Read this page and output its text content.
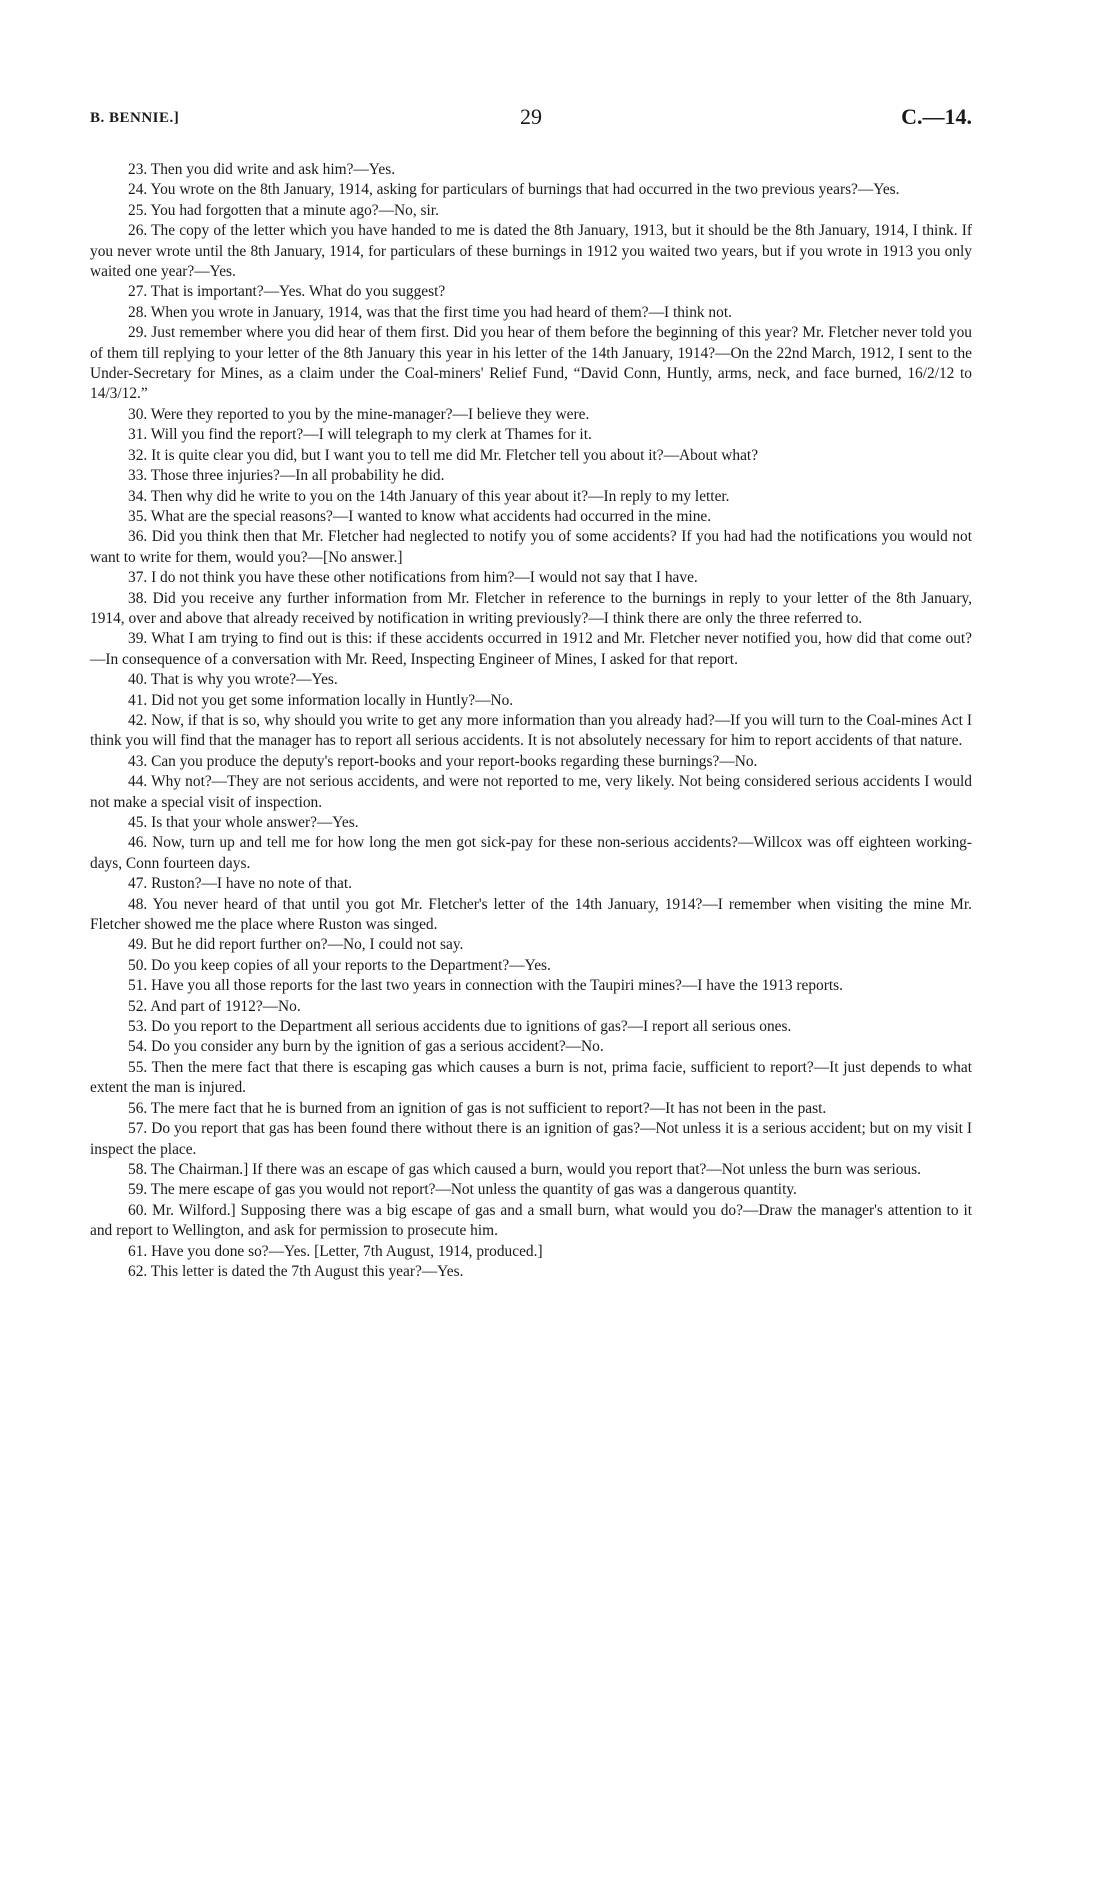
B. BENNIE.]	29	C.—14.

23. Then you did write and ask him?—Yes.

24. You wrote on the 8th January, 1914, asking for particulars of burnings that had occurred in the two previous years?—Yes.

25. You had forgotten that a minute ago?—No, sir.

26. The copy of the letter which you have handed to me is dated the 8th January, 1913, but it should be the 8th January, 1914, I think. If you never wrote until the 8th January, 1914, for particulars of these burnings in 1912 you waited two years, but if you wrote in 1913 you only waited one year?—Yes.

27. That is important?—Yes. What do you suggest?

28. When you wrote in January, 1914, was that the first time you had heard of them?—I think not.

29. Just remember where you did hear of them first. Did you hear of them before the beginning of this year? Mr. Fletcher never told you of them till replying to your letter of the 8th January this year in his letter of the 14th January, 1914?—On the 22nd March, 1912, I sent to the Under-Secretary for Mines, as a claim under the Coal-miners' Relief Fund, “David Conn, Huntly, arms, neck, and face burned, 16/2/12 to 14/3/12.”

30. Were they reported to you by the mine-manager?—I believe they were.

31. Will you find the report?—I will telegraph to my clerk at Thames for it.

32. It is quite clear you did, but I want you to tell me did Mr. Fletcher tell you about it?—About what?

33. Those three injuries?—In all probability he did.

34. Then why did he write to you on the 14th January of this year about it?—In reply to my letter.

35. What are the special reasons?—I wanted to know what accidents had occurred in the mine.

36. Did you think then that Mr. Fletcher had neglected to notify you of some accidents? If you had had the notifications you would not want to write for them, would you?—[No answer.]

37. I do not think you have these other notifications from him?—I would not say that I have.

38. Did you receive any further information from Mr. Fletcher in reference to the burnings in reply to your letter of the 8th January, 1914, over and above that already received by notification in writing previously?—I think there are only the three referred to.

39. What I am trying to find out is this: if these accidents occurred in 1912 and Mr. Fletcher never notified you, how did that come out?—In consequence of a conversation with Mr. Reed, Inspecting Engineer of Mines, I asked for that report.

40. That is why you wrote?—Yes.

41. Did not you get some information locally in Huntly?—No.

42. Now, if that is so, why should you write to get any more information than you already had?—If you will turn to the Coal-mines Act I think you will find that the manager has to report all serious accidents. It is not absolutely necessary for him to report accidents of that nature.

43. Can you produce the deputy's report-books and your report-books regarding these burnings?—No.

44. Why not?—They are not serious accidents, and were not reported to me, very likely. Not being considered serious accidents I would not make a special visit of inspection.

45. Is that your whole answer?—Yes.

46. Now, turn up and tell me for how long the men got sick-pay for these non-serious accidents?—Willcox was off eighteen working-days, Conn fourteen days.

47. Ruston?—I have no note of that.

48. You never heard of that until you got Mr. Fletcher's letter of the 14th January, 1914?—I remember when visiting the mine Mr. Fletcher showed me the place where Ruston was singed.

49. But he did report further on?—No, I could not say.

50. Do you keep copies of all your reports to the Department?—Yes.

51. Have you all those reports for the last two years in connection with the Taupiri mines?—I have the 1913 reports.

52. And part of 1912?—No.

53. Do you report to the Department all serious accidents due to ignitions of gas?—I report all serious ones.

54. Do you consider any burn by the ignition of gas a serious accident?—No.

55. Then the mere fact that there is escaping gas which causes a burn is not, prima facie, sufficient to report?—It just depends to what extent the man is injured.

56. The mere fact that he is burned from an ignition of gas is not sufficient to report?—It has not been in the past.

57. Do you report that gas has been found there without there is an ignition of gas?—Not unless it is a serious accident; but on my visit I inspect the place.

58. The Chairman.] If there was an escape of gas which caused a burn, would you report that?—Not unless the burn was serious.

59. The mere escape of gas you would not report?—Not unless the quantity of gas was a dangerous quantity.

60. Mr. Wilford.] Supposing there was a big escape of gas and a small burn, what would you do?—Draw the manager's attention to it and report to Wellington, and ask for permission to prosecute him.

61. Have you done so?—Yes. [Letter, 7th August, 1914, produced.]

62. This letter is dated the 7th August this year?—Yes.
